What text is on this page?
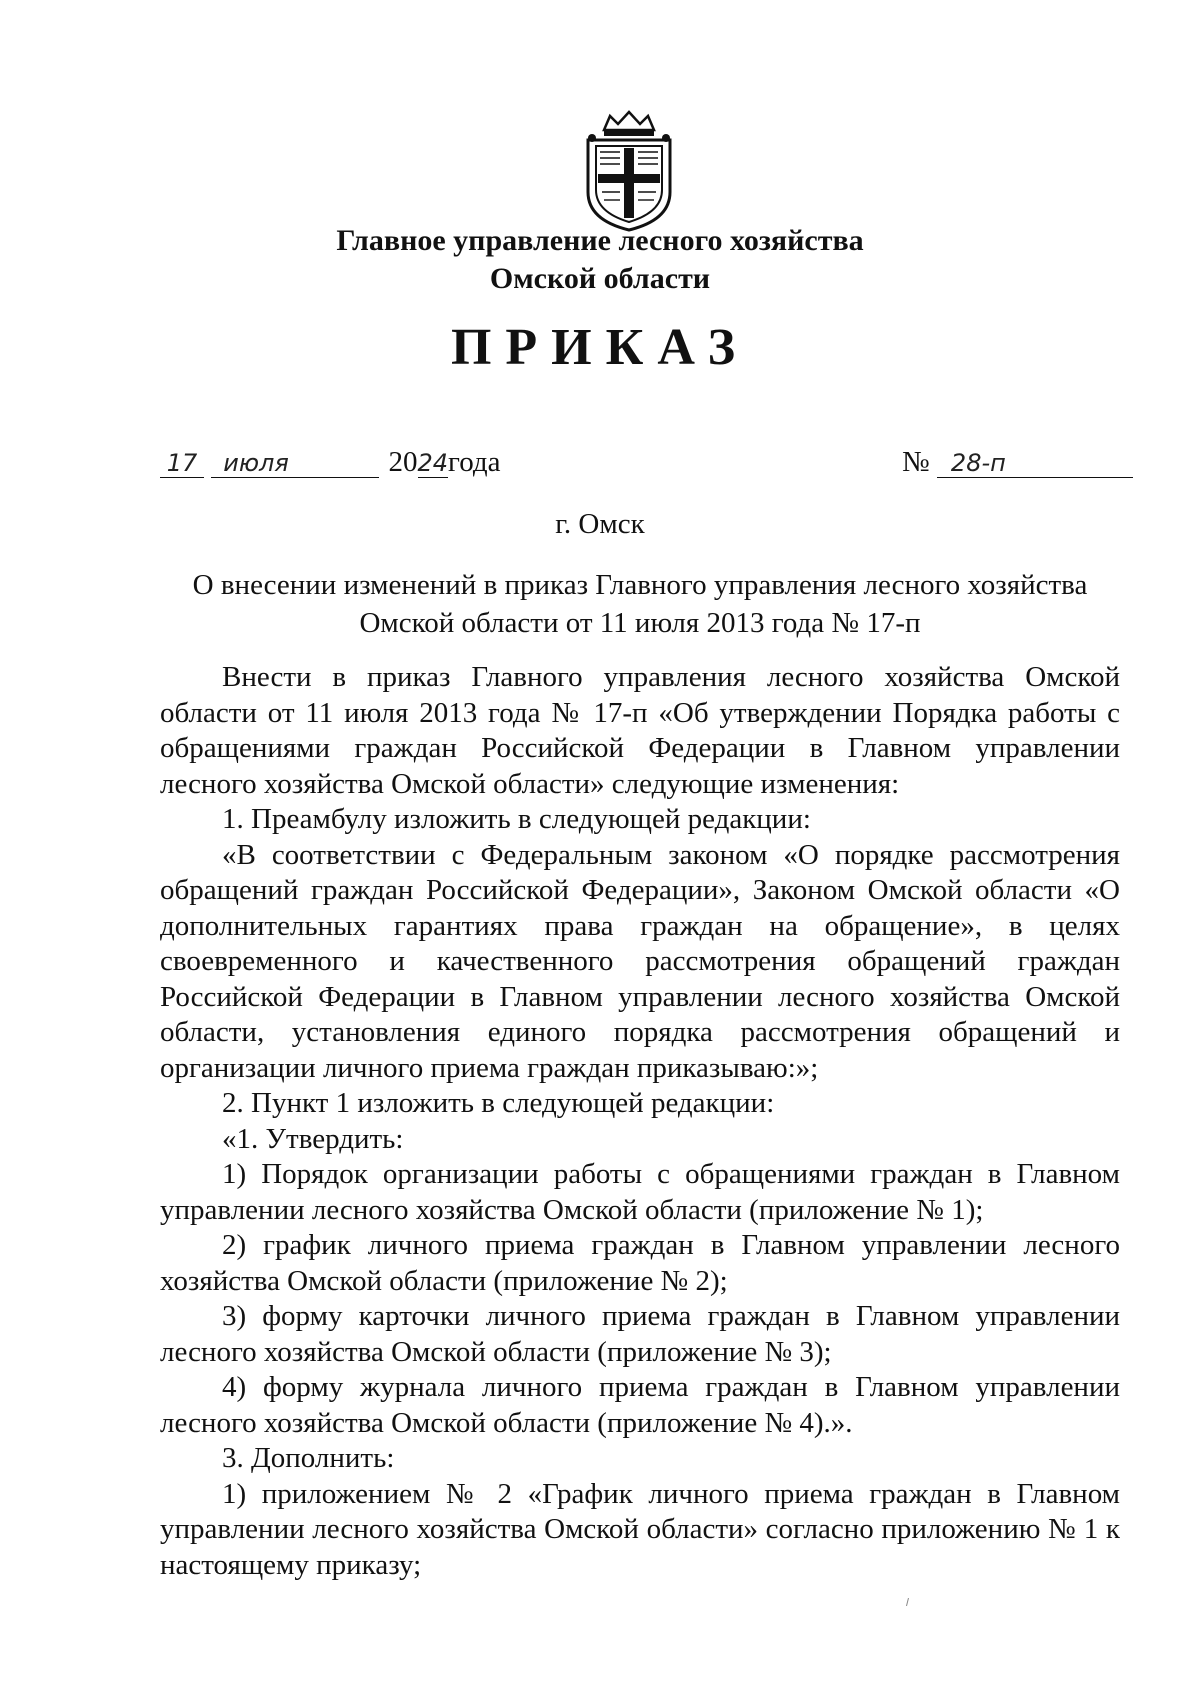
Главное управление лесного хозяйства
Омской области
ПРИКАЗ
17 июля	2024года	№ 28-п
г. Омск
О внесении изменений в приказ Главного управления лесного хозяйства
Омской области от 11 июля 2013 года № 17-п

Внести в приказ Главного управления лесного хозяйства Омской области от 11 июля 2013 года № 17-п «Об утверждении Порядка работы с обращениями граждан Российской Федерации в Главном управлении лесного хозяйства Омской области» следующие изменения:

1. Преамбулу изложить в следующей редакции:

«В соответствии с Федеральным законом «О порядке рассмотрения обращений граждан Российской Федерации», Законом Омской области «О дополнительных гарантиях права граждан на обращение», в целях своевременного и качественного рассмотрения обращений граждан Российской Федерации в Главном управлении лесного хозяйства Омской области, установления единого порядка рассмотрения обращений и организации личного приема граждан приказываю:»;

2. Пункт 1 изложить в следующей редакции:

«1. Утвердить:

1) Порядок организации работы с обращениями граждан в Главном управлении лесного хозяйства Омской области (приложение № 1);

2) график личного приема граждан в Главном управлении лесного хозяйства Омской области (приложение № 2);

3) форму карточки личного приема граждан в Главном управлении лесного хозяйства Омской области (приложение № 3);

4) форму журнала личного приема граждан в Главном управлении лесного хозяйства Омской области (приложение № 4).».

3. Дополнить:

1) приложением № 2 «График личного приема граждан в Главном управлении лесного хозяйства Омской области» согласно приложению № 1 к настоящему приказу;
